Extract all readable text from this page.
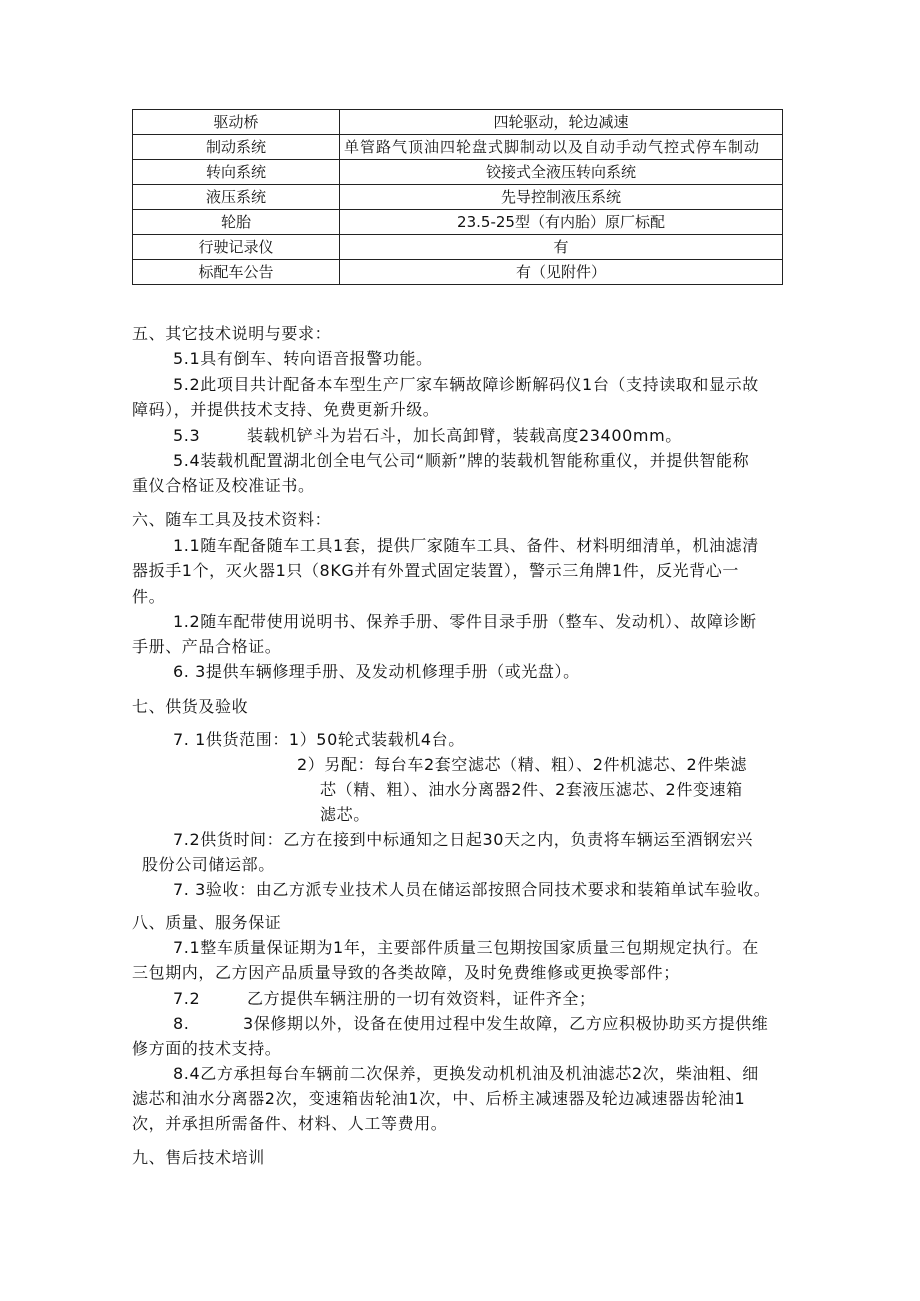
驱动桥	四轮驱动，轮边减速
制动系统	单管路气顶油四轮盘式脚制动以及自动手动气控式停车制动
转向系统	铰接式全液压转向系统
液压系统	先导控制液压系统
轮胎	23.5-25型（有内胎）原厂标配
行驶记录仪	有
标配车公告	有（见附件）
五、其它技术说明与要求：
5.1具有倒车、转向语音报警功能。
5.2此项目共计配备本车型生产厂家车辆故障诊断解码仪1台（支持读取和显示故
障码），并提供技术支持、免费更新升级。
5.3	装载机铲斗为岩石斗，加长高卸臂，装载高度23400mm。
5.4装载机配置湖北创全电气公司“顺新”牌的装载机智能称重仪，并提供智能称
重仪合格证及校准证书。
六、随车工具及技术资料：
1.1随车配备随车工具1套，提供厂家随车工具、备件、材料明细清单，机油滤清
器扳手1个，灭火器1只（8KG并有外置式固定装置），警示三角牌1件，反光背心一
件。
1.2随车配带使用说明书、保养手册、零件目录手册（整车、发动机）、故障诊断
手册、产品合格证。
6. 3提供车辆修理手册、及发动机修理手册（或光盘）。
七、供货及验收
7. 1供货范围：1）50轮式装载机4台。
2）另配：每台车2套空滤芯（精、粗）、2件机滤芯、2件柴滤
芯（精、粗）、油水分离器2件、2套液压滤芯、2件变速箱
滤芯。
7.2供货时间：乙方在接到中标通知之日起30天之内，负责将车辆运至酒钢宏兴
股份公司储运部。
7. 3验收：由乙方派专业技术人员在储运部按照合同技术要求和装箱单试车验收。
八、质量、服务保证
7.1整车质量保证期为1年，主要部件质量三包期按国家质量三包期规定执行。在
三包期内，乙方因产品质量导致的各类故障，及时免费维修或更换零部件；
7.2	乙方提供车辆注册的一切有效资料，证件齐全；
8.	3保修期以外，设备在使用过程中发生故障，乙方应积极协助买方提供维
修方面的技术支持。
8.4乙方承担每台车辆前二次保养，更换发动机机油及机油滤芯2次，柴油粗、细
滤芯和油水分离器2次，变速箱齿轮油1次，中、后桥主减速器及轮边减速器齿轮油1
次，并承担所需备件、材料、人工等费用。
九、售后技术培训
